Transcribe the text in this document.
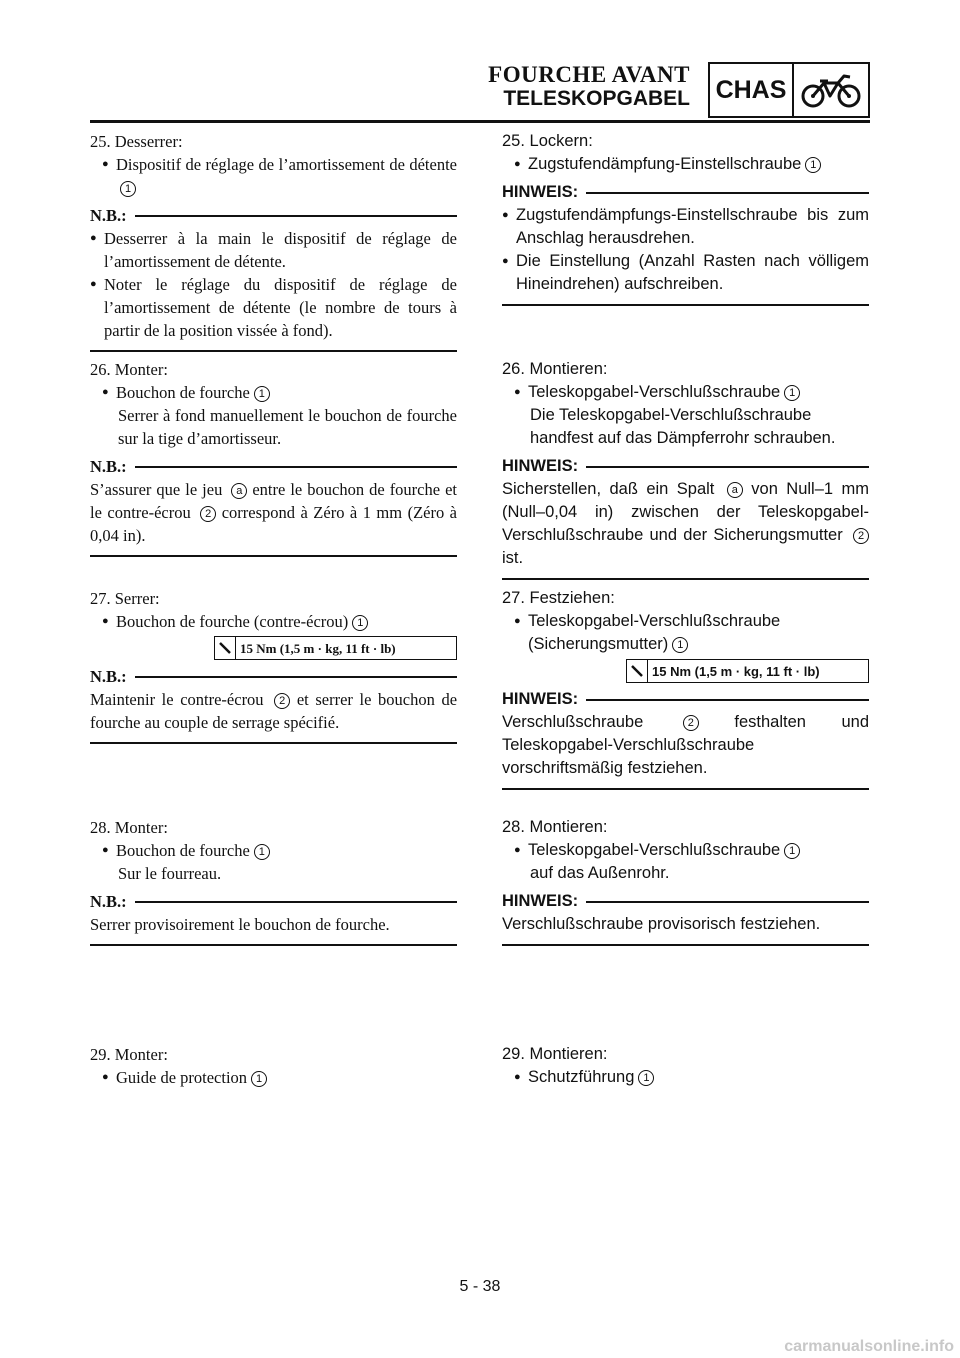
FOURCHE AVANT
TELESKOPGABEL CHAS
25.
Desserrer:
● Dispositif de réglage de l’amortissement de détente1
N.B.:
● Desserrer à la main le dispositif de réglage de l’amortissement de détente.
● Noter le réglage du dispositif de réglage de l’amortissement de détente (le nombre de tours à partir de la position vissée à fond).
26.
Monter:
● Bouchon de fourche 1
Serrer à fond manuellement le bouchon de fourche sur la tige d’amortisseur.
N.B.:
S’assurer que le jeu a entre le bouchon de fourche et le contre-écrou 2 correspond à Zéro à 1 mm (Zéro à 0,04 in).
27.
Serrer:
● Bouchon de fourche (contre-écrou) 1
15 Nm (1,5 m · kg, 11 ft · lb)
N.B.:
Maintenir le contre-écrou 2 et serrer le bouchon de fourche au couple de serrage spécifié.
28.
Monter:
● Bouchon de fourche 1
Sur le fourreau.
N.B.:
Serrer provisoirement le bouchon de fourche.
29.
Monter:
● Guide de protection 1
25.
Lockern:
● Zugstufendämpfung-Einstellschraube 1
HINWEIS:
● Zugstufendämpfungs-Einstellschraube bis zum Anschlag herausdrehen.
● Die Einstellung (Anzahl Rasten nach völligem Hineindrehen) aufschreiben.
26.
Montieren:
● Teleskopgabel-Verschlußschraube 1
Die Teleskopgabel-Verschlußschraube handfest auf das Dämpferrohr schrauben.
HINWEIS:
Sicherstellen, daß ein Spalt a von Null–1 mm (Null–0,04 in) zwischen der Teleskopgabel-Verschlußschraube und der Sicherungsmutter 2 ist.
27.
Festziehen:
● Teleskopgabel-Verschlußschraube (Sicherungsmutter) 1
15 Nm (1,5 m · kg, 11 ft · lb)
HINWEIS:
Verschlußschraube	2 festhalten und Teleskopgabel-Verschlußschraube vorschriftsmäßig festziehen.
28.
Montieren:
● Teleskopgabel-Verschlußschraube 1
auf das Außenrohr.
HINWEIS:
Verschlußschraube provisorisch festziehen.
29.
Montieren:
● Schutzführung 1
5 - 38
carmanualsonline.info
